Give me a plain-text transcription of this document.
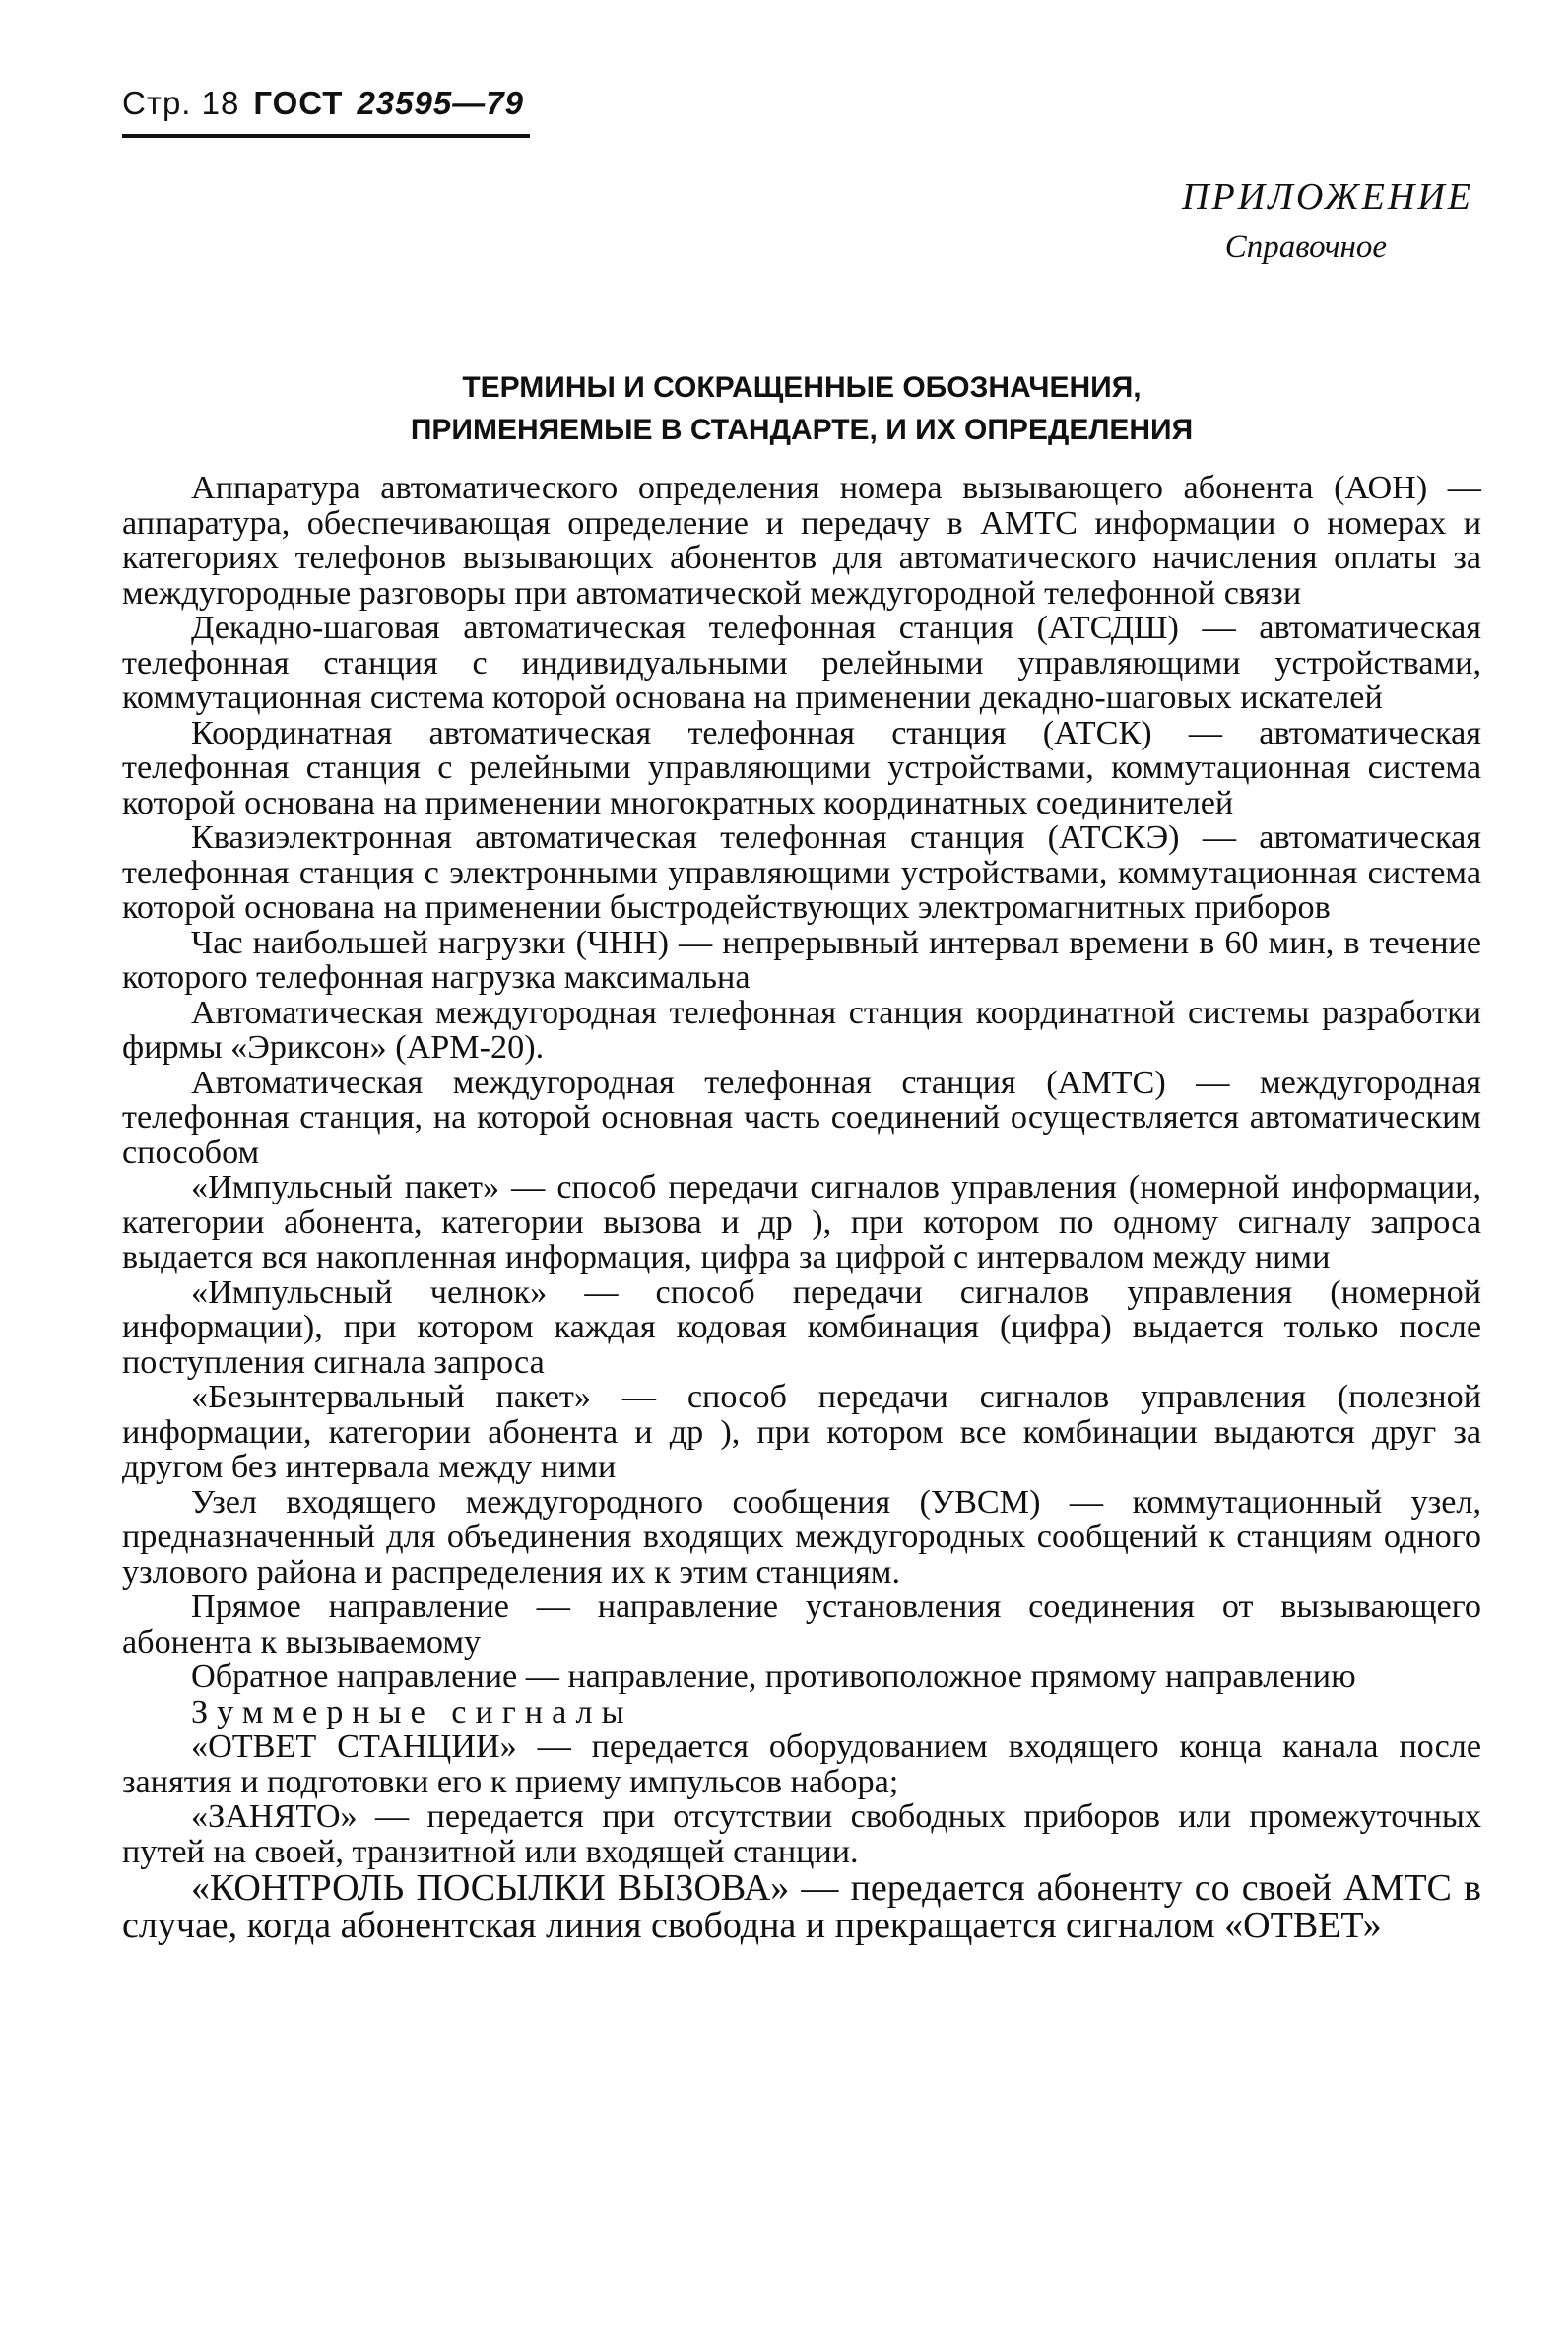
Стр. 18 ГОСТ 23595—79
ПРИЛОЖЕНИЕ
Справочное
ТЕРМИНЫ И СОКРАЩЕННЫЕ ОБОЗНАЧЕНИЯ,
ПРИМЕНЯЕМЫЕ В СТАНДАРТЕ, И ИХ ОПРЕДЕЛЕНИЯ

Аппаратура автоматического определения номера вызывающего абонента (АОН) — аппаратура, обеспечивающая определение и передачу в АМТС информации о номерах и категориях телефонов вызывающих абонентов для автоматического начисления оплаты за междугородные разговоры при автоматической междугородной телефонной связи

Декадно-шаговая автоматическая телефонная станция (АТСДШ) — автоматическая телефонная станция с индивидуальными релейными управляющими устройствами, коммутационная система которой основана на применении декадно-шаговых искателей

Координатная автоматическая телефонная станция (АТСК) — автоматическая телефонная станция с релейными управляющими устройствами, коммутационная система которой основана на применении многократных координатных соединителей

Квазиэлектронная автоматическая телефонная станция (АТСКЭ) — автоматическая телефонная станция с электронными управляющими устройствами, коммутационная система которой основана на применении быстродействующих электромагнитных приборов

Час наибольшей нагрузки (ЧНН) — непрерывный интервал времени в 60 мин, в течение которого телефонная нагрузка максимальна

Автоматическая междугородная телефонная станция координатной системы разработки фирмы «Эриксон» (АРМ-20).

Автоматическая междугородная телефонная станция (АМТС) — междугородная телефонная станция, на которой основная часть соединений осуществляется автоматическим способом

«Импульсный пакет» — способ передачи сигналов управления (номерной информации, категории абонента, категории вызова и др ), при котором по одному сигналу запроса выдается вся накопленная информация, цифра за цифрой с интервалом между ними

«Импульсный челнок» — способ передачи сигналов управления (номерной информации), при котором каждая кодовая комбинация (цифра) выдается только после поступления сигнала запроса

«Безынтервальный пакет» — способ передачи сигналов управления (полезной информации, категории абонента и др ), при котором все комбинации выдаются друг за другом без интервала между ними

Узел входящего междугородного сообщения (УВСМ) — коммутационный узел, предназначенный для объединения входящих междугородных сообщений к станциям одного узлового района и распределения их к этим станциям.

Прямое направление — направление установления соединения от вызывающего абонента к вызываемому

Обратное направление — направление, противоположное прямому направлению

Зуммерные сигналы

«ОТВЕТ СТАНЦИИ» — передается оборудованием входящего конца канала после занятия и подготовки его к приему импульсов набора;

«ЗАНЯТО» — передается при отсутствии свободных приборов или промежуточных путей на своей, транзитной или входящей станции.

«КОНТРОЛЬ ПОСЫЛКИ ВЫЗОВА» — передается абоненту со своей АМТС в случае, когда абонентская линия свободна и прекращается сигналом «ОТВЕТ»
